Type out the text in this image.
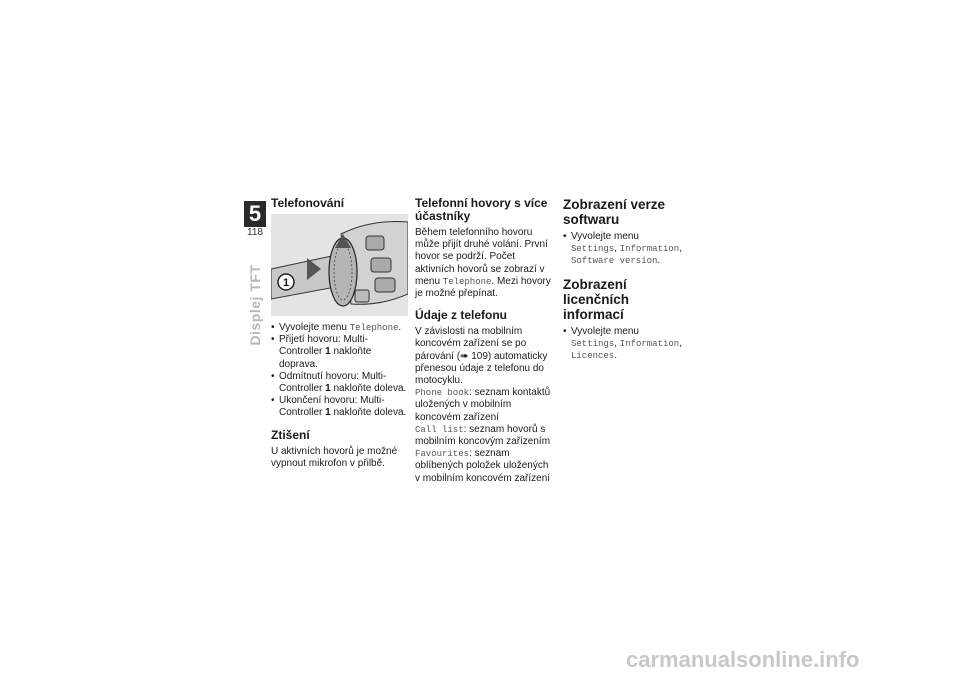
5
118
Displej TFT
Telefonování
1
• Vyvolejte menu Telephone.
• Přijetí hovoru: Multi-Controller 1 nakloňte doprava.
• Odmítnutí hovoru: Multi-Controller 1 nakloňte doleva.
• Ukončení hovoru: Multi-Controller 1 nakloňte doleva.
Ztišení

U aktivních hovorů je možné vypnout mikrofon v přilbě.

Telefonní hovory s více účastníky

Během telefonního hovoru může přijít druhé volání. První hovor se podrží. Počet aktivních hovorů se zobrazí v menu Telephone. Mezi hovory je možné přepínat.

Údaje z telefonu

V závislosti na mobilním koncovém zařízení se po párování (➠ 109) automaticky přenesou údaje z telefonu do motocyklu.

Phone book: seznam kontaktů uložených v mobilním koncovém zařízení

Call list: seznam hovorů s mobilním koncovým zařízením

Favourites: seznam oblíbených položek uložených v mobilním koncovém zařízení

Zobrazení verze softwaru
• Vyvolejte menu Settings, Information, Software version.
Zobrazení licenčních informací
• Vyvolejte menu Settings, Information, Licences.
carmanualsonline.info
